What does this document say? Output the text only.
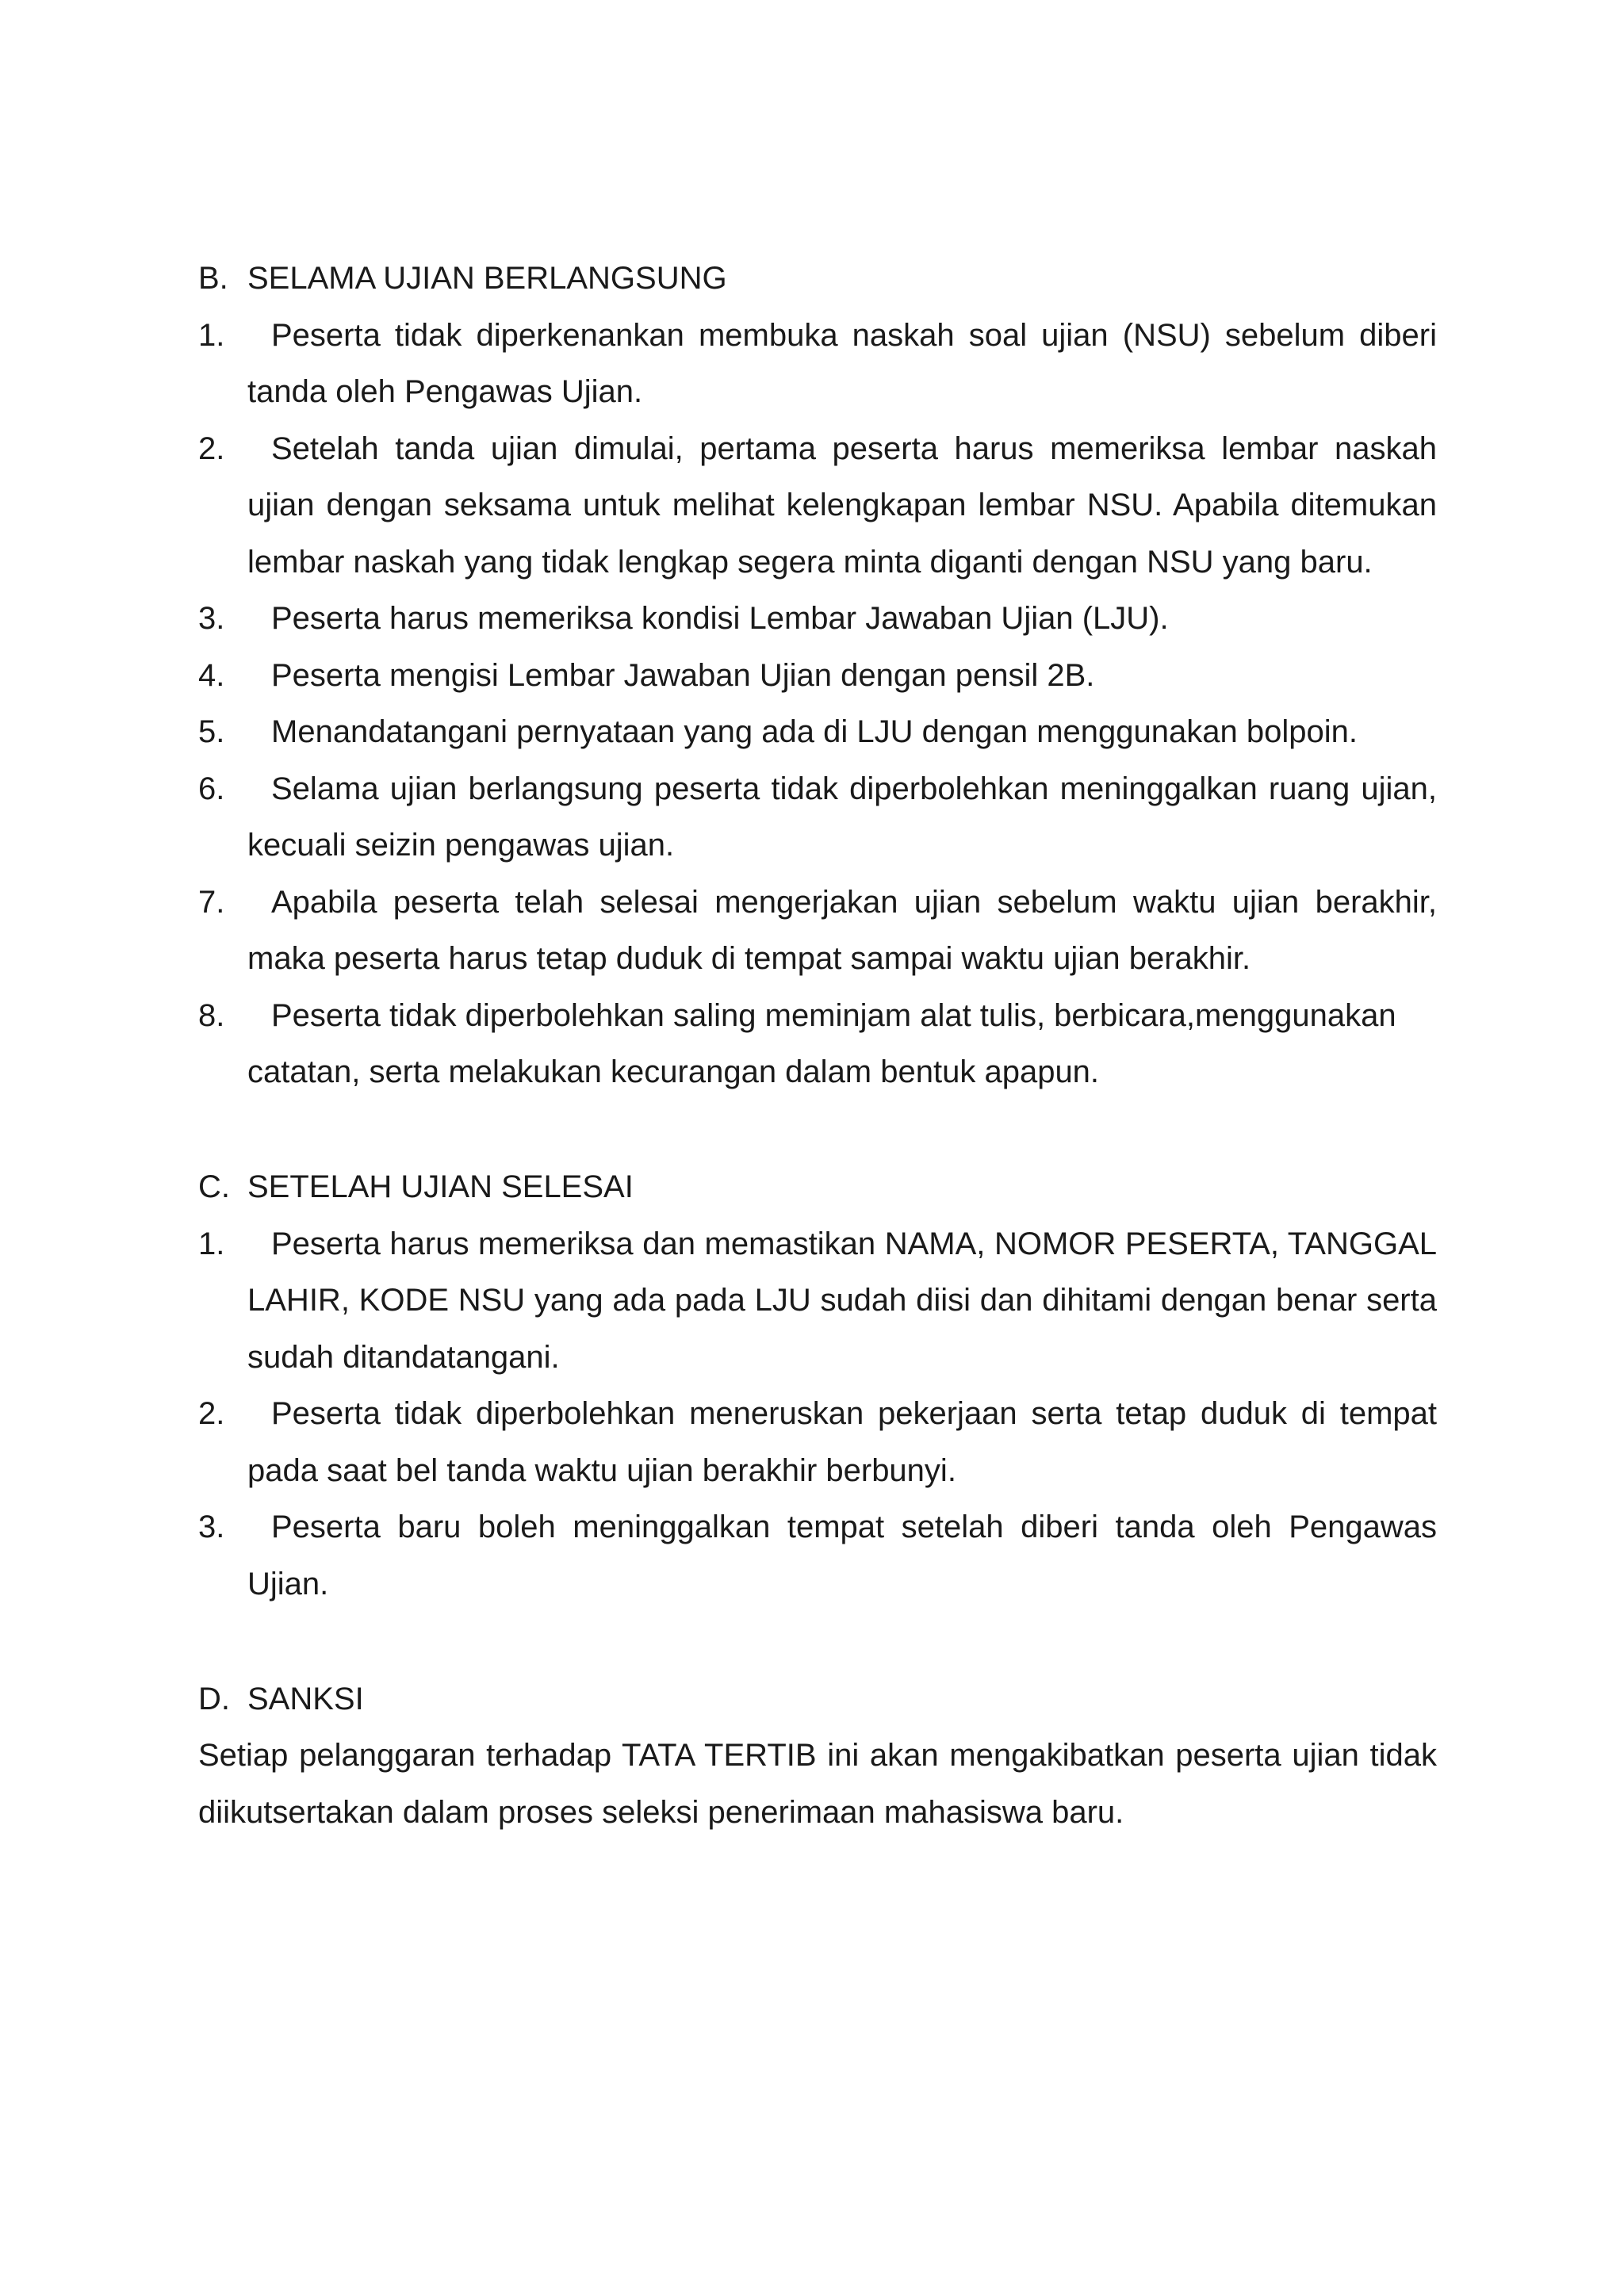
B. SELAMA UJIAN BERLANGSUNG
1.	Peserta tidak diperkenankan membuka naskah soal ujian (NSU) sebelum diberi tanda oleh Pengawas Ujian.
2.	Setelah tanda ujian dimulai, pertama peserta harus memeriksa lembar naskah ujian dengan seksama untuk melihat kelengkapan lembar NSU. Apabila ditemukan lembar naskah yang tidak lengkap segera minta diganti dengan NSU yang baru.
3.	Peserta harus memeriksa kondisi Lembar Jawaban Ujian (LJU).
4.	Peserta mengisi Lembar Jawaban Ujian dengan pensil 2B.
5.	Menandatangani pernyataan yang ada di LJU dengan menggunakan bolpoin.
6.	Selama ujian berlangsung peserta tidak diperbolehkan meninggalkan ruang ujian, kecuali seizin pengawas ujian.
7.	Apabila peserta telah selesai mengerjakan ujian sebelum waktu ujian berakhir, maka peserta harus tetap duduk di tempat sampai waktu ujian berakhir.
8.	Peserta tidak diperbolehkan saling meminjam alat tulis, berbicara,menggunakan catatan, serta melakukan kecurangan dalam bentuk apapun.
C. SETELAH UJIAN SELESAI
1.	Peserta harus memeriksa dan memastikan NAMA, NOMOR PESERTA, TANGGAL LAHIR, KODE NSU yang ada pada LJU sudah diisi dan dihitami dengan benar serta sudah ditandatangani.
2.	Peserta tidak diperbolehkan meneruskan pekerjaan serta tetap duduk di tempat pada saat bel tanda waktu ujian berakhir berbunyi.
3.	Peserta baru boleh meninggalkan tempat setelah diberi tanda oleh Pengawas Ujian.
D. SANKSI

Setiap pelanggaran terhadap TATA TERTIB ini akan mengakibatkan peserta ujian tidak diikutsertakan dalam proses seleksi penerimaan mahasiswa baru.
